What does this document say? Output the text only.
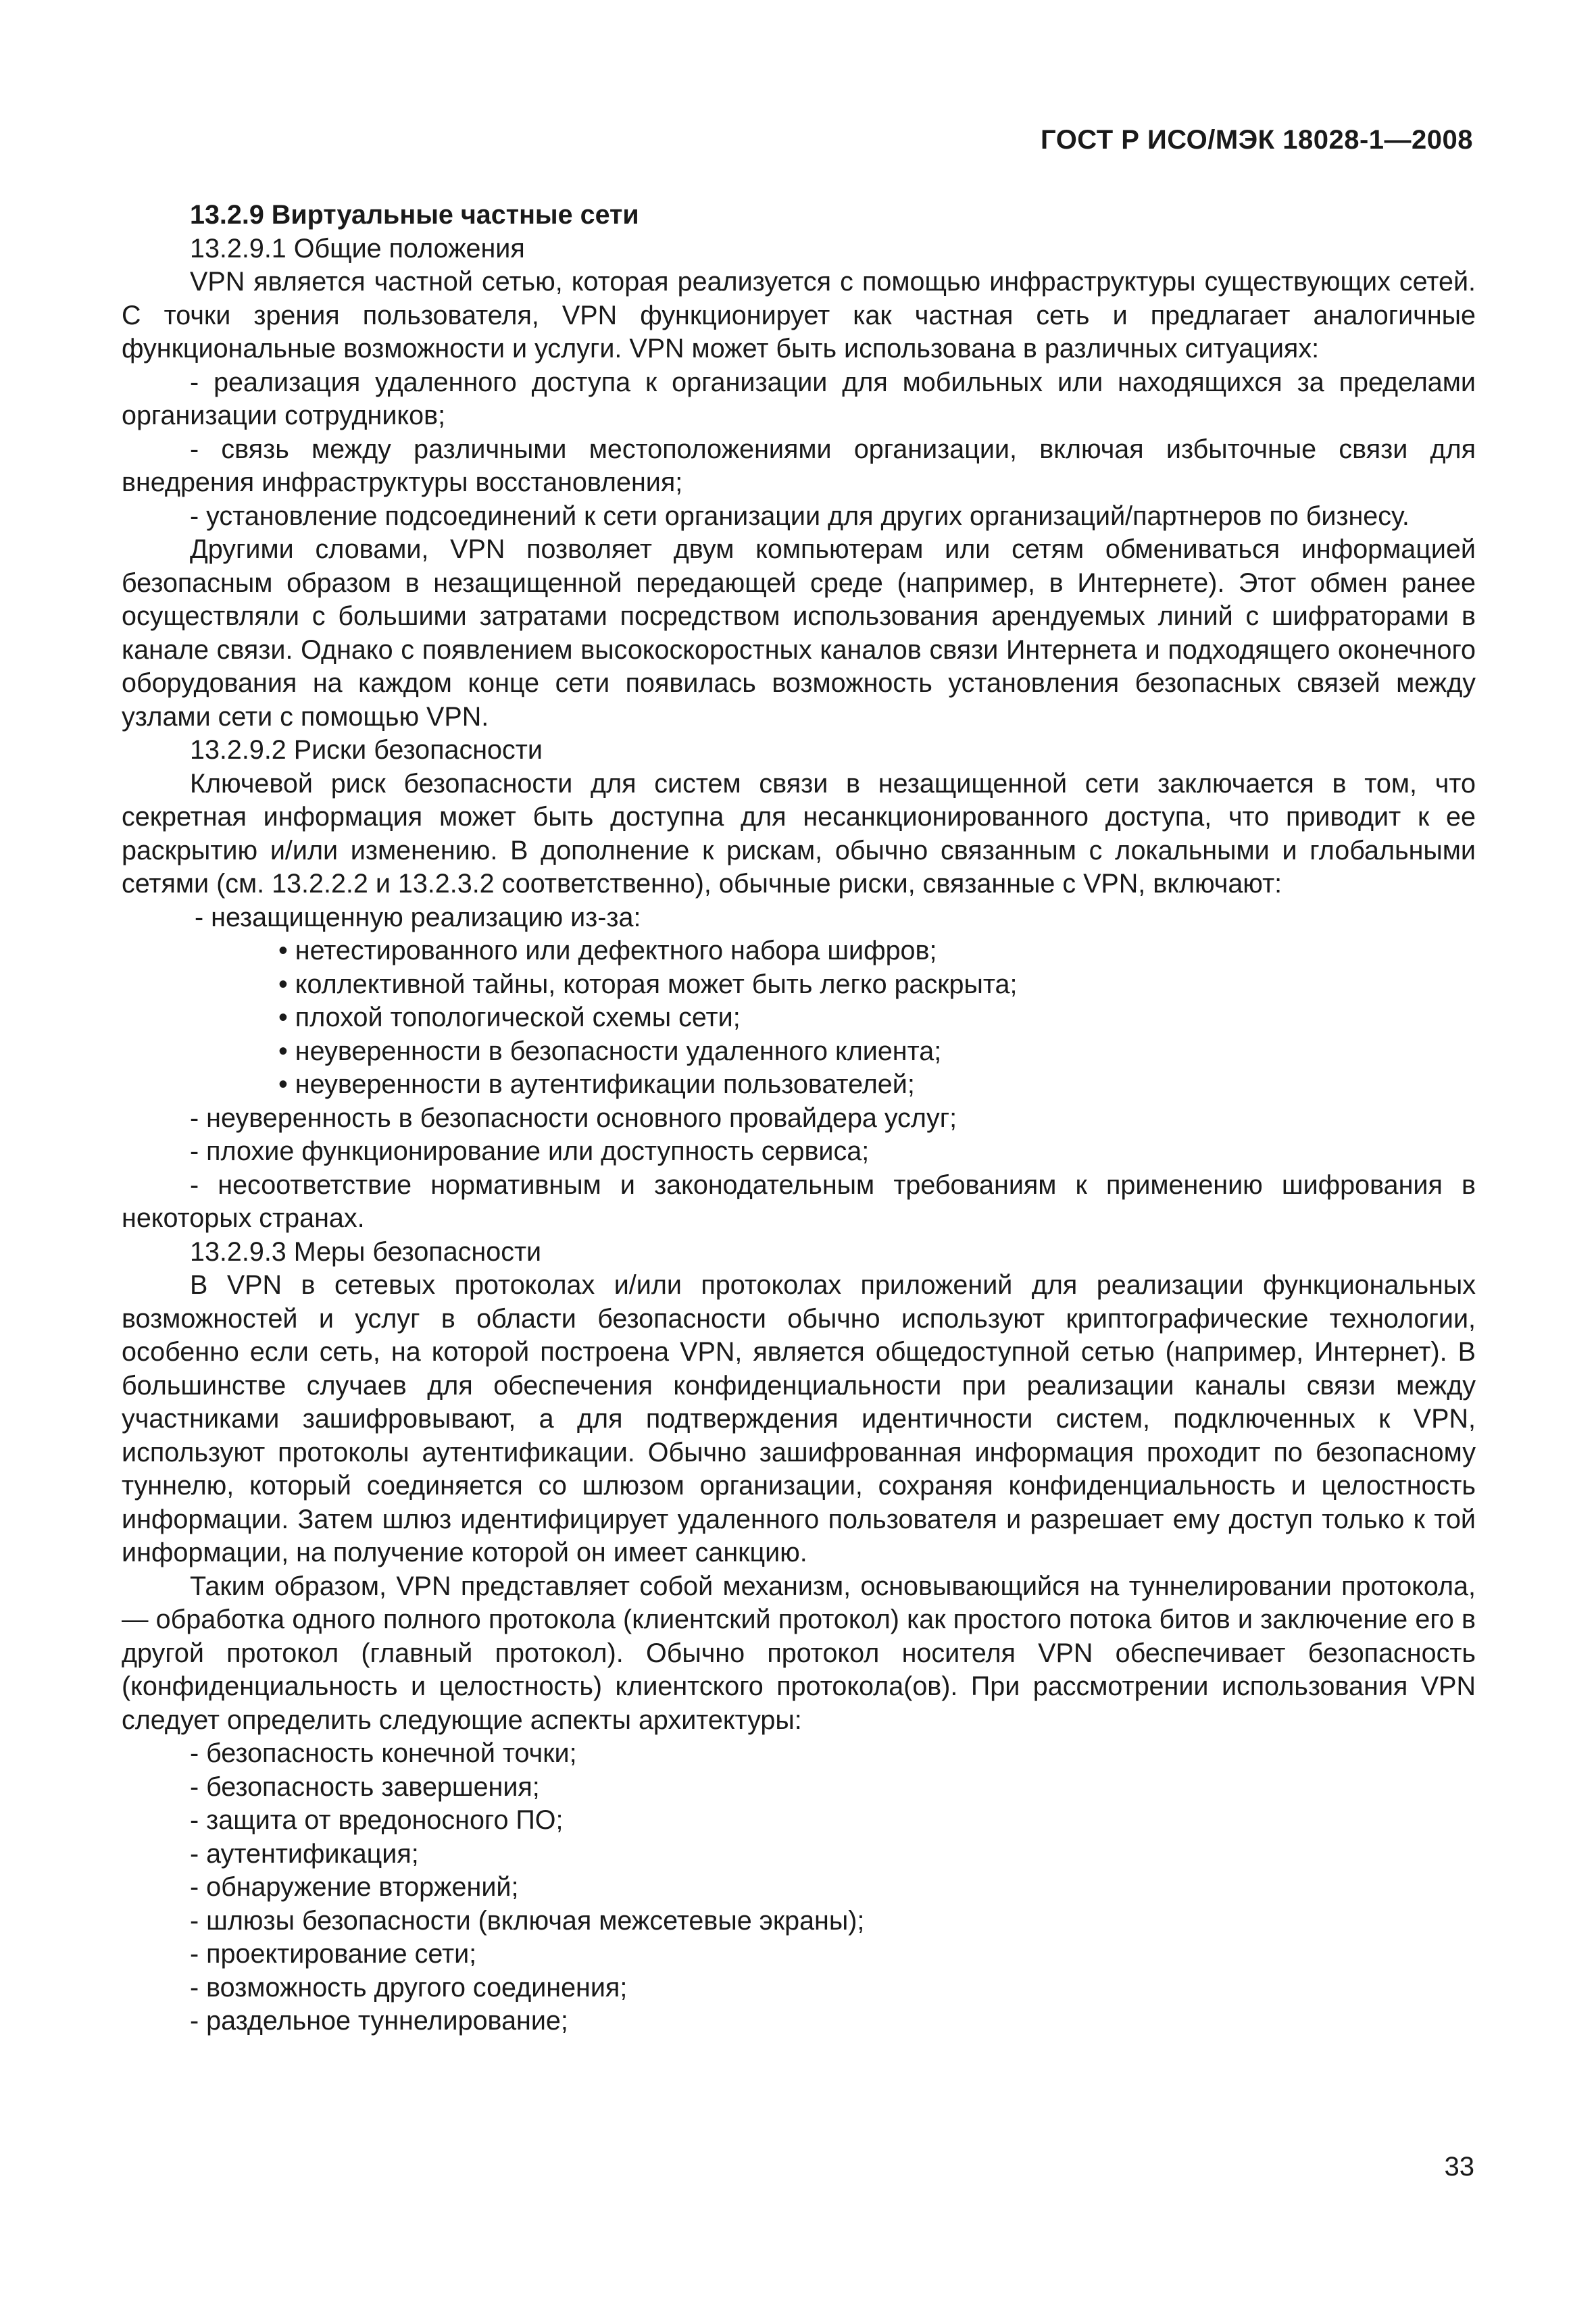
ГОСТ Р ИСО/МЭК 18028-1—2008

13.2.9 Виртуальные частные сети

13.2.9.1 Общие положения

VPN является частной сетью, которая реализуется с помощью инфраструктуры существующих сетей. С точки зрения пользователя, VPN функционирует как частная сеть и предлагает аналогичные функциональные возможности и услуги. VPN может быть использована в различных ситуациях:

- реализация удаленного доступа к организации для мобильных или находящихся за пределами организации сотрудников;

- связь между различными местоположениями организации, включая избыточные связи для внедрения инфраструктуры восстановления;

- установление подсоединений к сети организации для других организаций/партнеров по бизнесу.

Другими словами, VPN позволяет двум компьютерам или сетям обмениваться информацией безопасным образом в незащищенной передающей среде (например, в Интернете). Этот обмен ранее осуществляли с большими затратами посредством использования арендуемых линий с шифраторами в канале связи. Однако с появлением высокоскоростных каналов связи Интернета и подходящего оконечного оборудования на каждом конце сети появилась возможность установления безопасных связей между узлами сети с помощью VPN.

13.2.9.2 Риски безопасности

Ключевой риск безопасности для систем связи в незащищенной сети заключается в том, что секретная информация может быть доступна для несанкционированного доступа, что приводит к ее раскрытию и/или изменению. В дополнение к рискам, обычно связанным с локальными и глобальными сетями (см. 13.2.2.2 и 13.2.3.2 соответственно), обычные риски, связанные с VPN, включают:

- незащищенную реализацию из-за:

• нетестированного или дефектного набора шифров;

• коллективной тайны, которая может быть легко раскрыта;

• плохой топологической схемы сети;

• неуверенности в безопасности удаленного клиента;

• неуверенности в аутентификации пользователей;

- неуверенность в безопасности основного провайдера услуг;

- плохие функционирование или доступность сервиса;

- несоответствие нормативным и законодательным требованиям к применению шифрования в некоторых странах.

13.2.9.3 Меры безопасности

В VPN в сетевых протоколах и/или протоколах приложений для реализации функциональных возможностей и услуг в области безопасности обычно используют криптографические технологии, особенно если сеть, на которой построена VPN, является общедоступной сетью (например, Интернет). В большинстве случаев для обеспечения конфиденциальности при реализации каналы связи между участниками зашифровывают, а для подтверждения идентичности систем, подключенных к VPN, используют протоколы аутентификации. Обычно зашифрованная информация проходит по безопасному туннелю, который соединяется со шлюзом организации, сохраняя конфиденциальность и целостность информации. Затем шлюз идентифицирует удаленного пользователя и разрешает ему доступ только к той информации, на получение которой он имеет санкцию.

Таким образом, VPN представляет собой механизм, основывающийся на туннелировании протокола, — обработка одного полного протокола (клиентский протокол) как простого потока битов и заключение его в другой протокол (главный протокол). Обычно протокол носителя VPN обеспечивает безопасность (конфиденциальность и целостность) клиентского протокола(ов). При рассмотрении использования VPN следует определить следующие аспекты архитектуры:

- безопасность конечной точки;

- безопасность завершения;

- защита от вредоносного ПО;

- аутентификация;

- обнаружение вторжений;

- шлюзы безопасности (включая межсетевые экраны);

- проектирование сети;

- возможность другого соединения;

- раздельное туннелирование;

33
